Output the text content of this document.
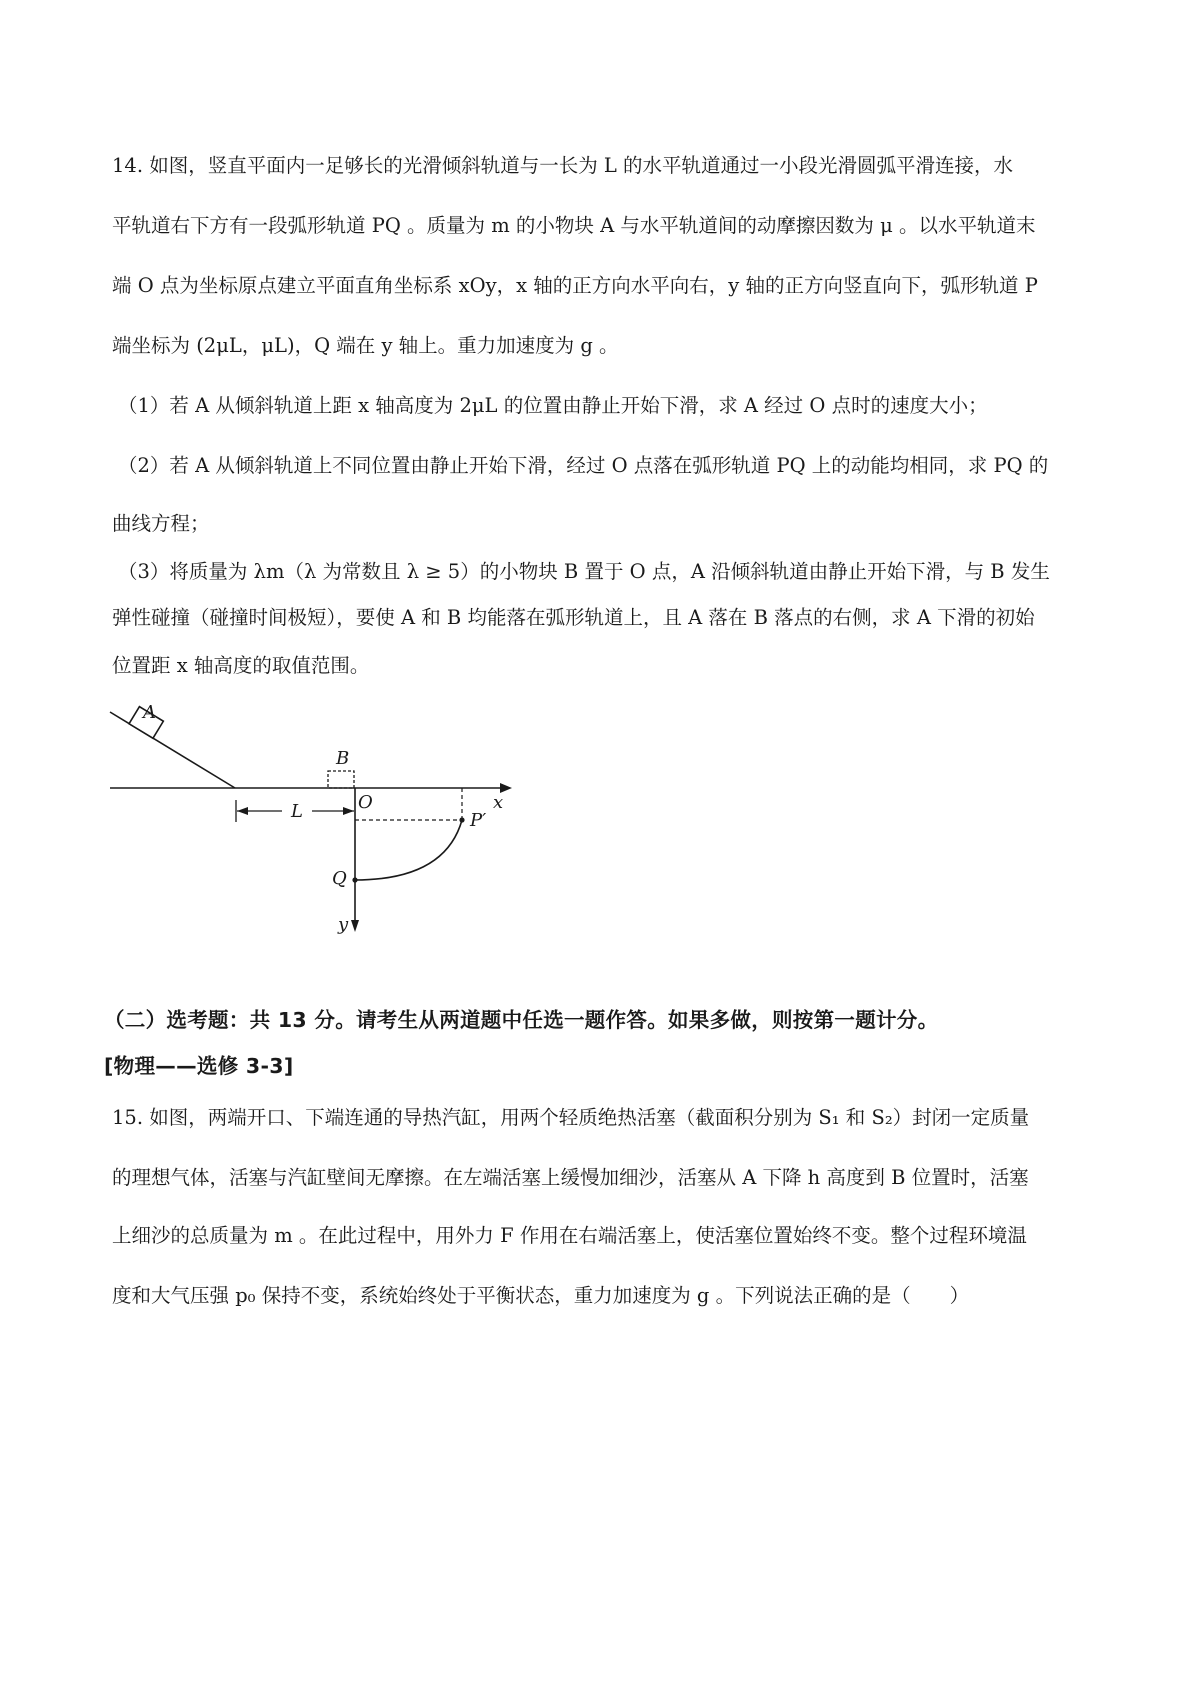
14. 如图，竖直平面内一足够长的光滑倾斜轨道与一长为 L 的水平轨道通过一小段光滑圆弧平滑连接，水
平轨道右下方有一段弧形轨道 PQ 。质量为 m 的小物块 A 与水平轨道间的动摩擦因数为 μ 。以水平轨道末
端 O 点为坐标原点建立平面直角坐标系 xOy，x 轴的正方向水平向右，y 轴的正方向竖直向下，弧形轨道 P
端坐标为 (2μL，μL)，Q 端在 y 轴上。重力加速度为 g 。
（1）若 A 从倾斜轨道上距 x 轴高度为 2μL 的位置由静止开始下滑，求 A 经过 O 点时的速度大小；
（2）若 A 从倾斜轨道上不同位置由静止开始下滑，经过 O 点落在弧形轨道 PQ 上的动能均相同，求 PQ 的
曲线方程；
（3）将质量为 λm（λ 为常数且 λ ≥ 5）的小物块 B 置于 O 点，A 沿倾斜轨道由静止开始下滑，与 B 发生
弹性碰撞（碰撞时间极短），要使 A 和 B 均能落在弧形轨道上，且 A 落在 B 落点的右侧，求 A 下滑的初始
位置距 x 轴高度的取值范围。
A
x
B
O
L
y
P′
Q
（二）选考题：共 13 分。请考生从两道题中任选一题作答。如果多做，则按第一题计分。
[物理——选修 3-3]
15. 如图，两端开口、下端连通的导热汽缸，用两个轻质绝热活塞（截面积分别为 S₁ 和 S₂）封闭一定质量
的理想气体，活塞与汽缸壁间无摩擦。在左端活塞上缓慢加细沙，活塞从 A 下降 h 高度到 B 位置时，活塞
上细沙的总质量为 m 。在此过程中，用外力 F 作用在右端活塞上，使活塞位置始终不变。整个过程环境温
度和大气压强 p₀ 保持不变，系统始终处于平衡状态，重力加速度为 g 。下列说法正确的是（　　）
